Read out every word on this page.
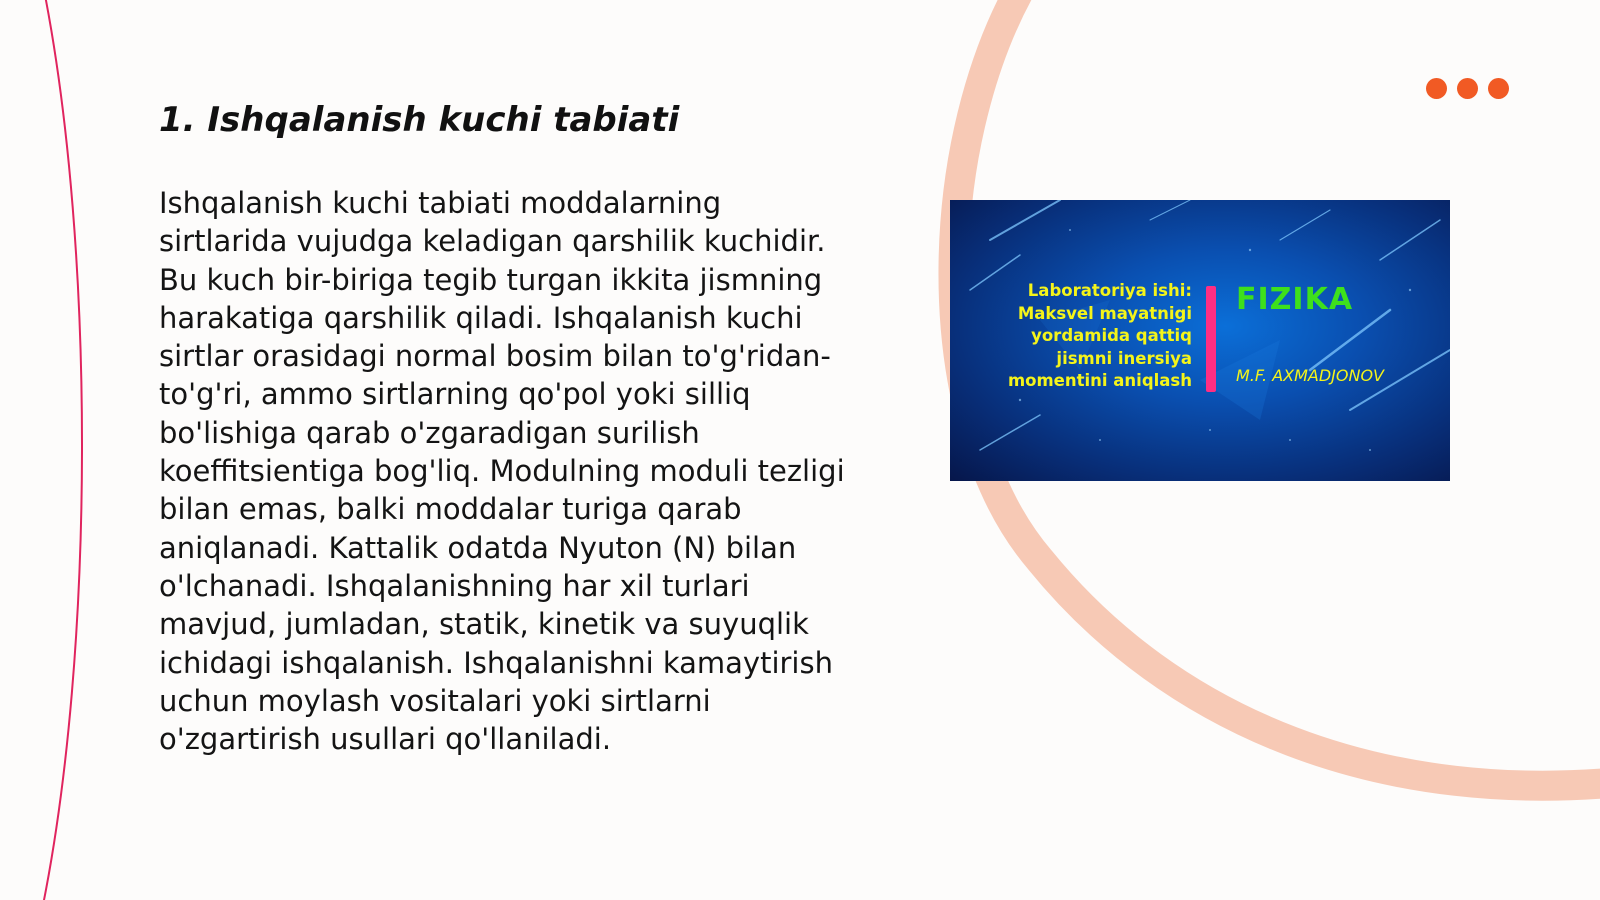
1. Ishqalanish kuchi tabiati

Ishqalanish kuchi tabiati moddalarning sirtlarida vujudga keladigan qarshilik kuchidir. Bu kuch bir-biriga tegib turgan ikkita jismning harakatiga qarshilik qiladi. Ishqalanish kuchi sirtlar orasidagi normal bosim bilan to'g'ridan-to'g'ri, ammo sirtlarning qo'pol yoki silliq bo'lishiga qarab o'zgaradigan surilish koeffitsientiga bog'liq. Modulning moduli tezligi bilan emas, balki moddalar turiga qarab aniqlanadi. Kattalik odatda Nyuton (N) bilan o'lchanadi. Ishqalanishning har xil turlari mavjud, jumladan, statik, kinetik va suyuqlik ichidagi ishqalanish. Ishqalanishni kamaytirish uchun moylash vositalari yoki sirtlarni o'zgartirish usullari qo'llaniladi.

Laboratoriya ishi: Maksvel mayatnigi yordamida qattiq jismni inersiya momentini aniqlash

FIZIKA

M.F. AXMADJONOV
